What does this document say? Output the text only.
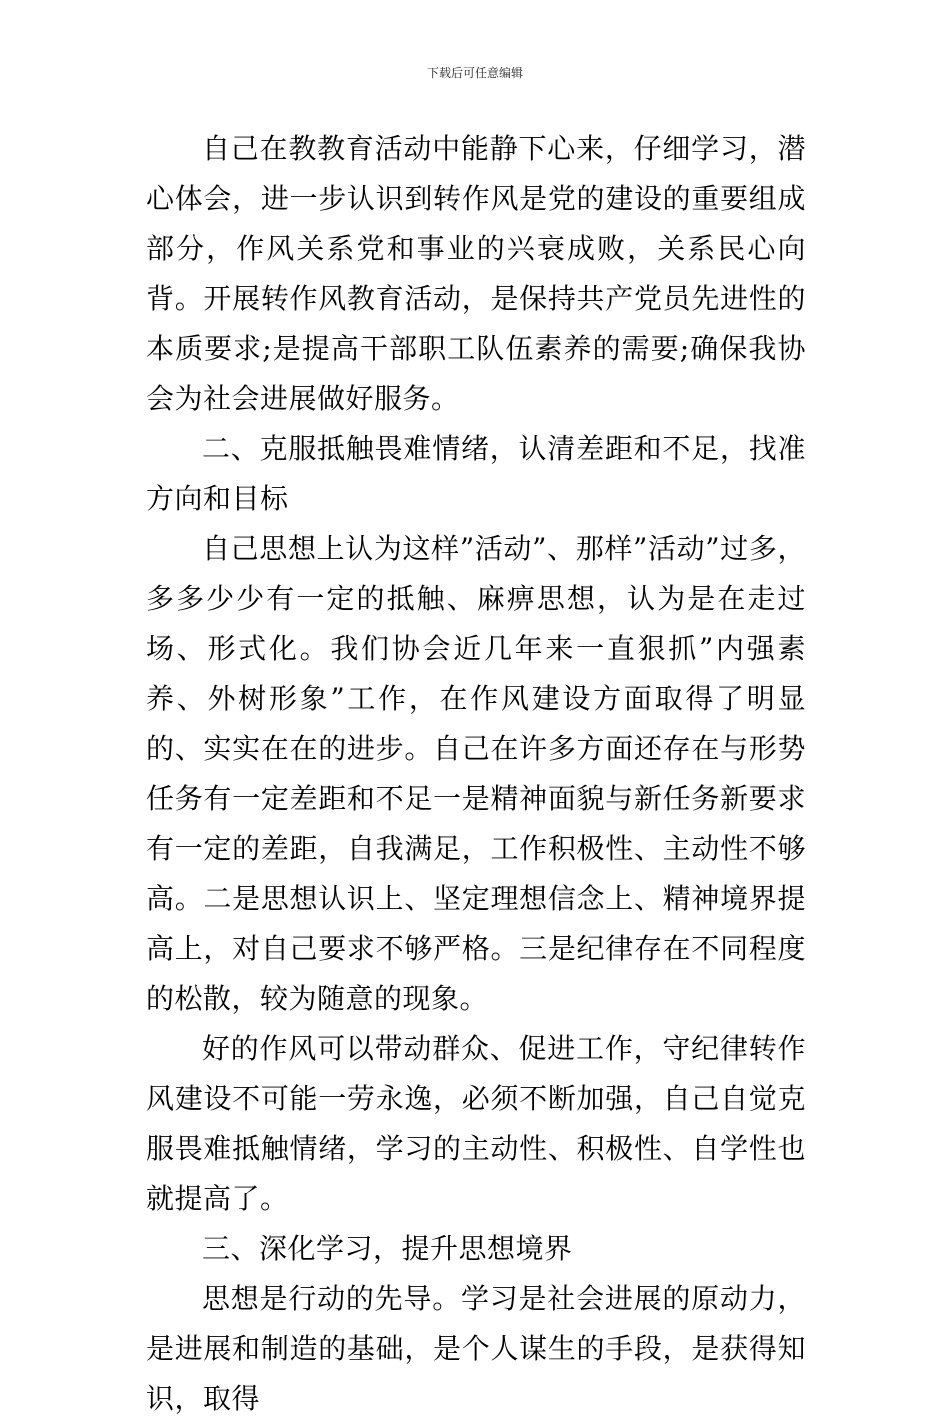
下载后可任意编辑

自己在教教育活动中能静下心来，仔细学习，潜心体会，进一步认识到转作风是党的建设的重要组成部分，作风关系党和事业的兴衰成败，关系民心向背。开展转作风教育活动，是保持共产党员先进性的本质要求;是提高干部职工队伍素养的需要;确保我协会为社会进展做好服务。

二、克服抵触畏难情绪，认清差距和不足，找准方向和目标

自己思想上认为这样”活动”、那样”活动”过多，多多少少有一定的抵触、麻痹思想，认为是在走过场、形式化。我们协会近几年来一直狠抓”内强素养、外树形象”工作，在作风建设方面取得了明显的、实实在在的进步。自己在许多方面还存在与形势任务有一定差距和不足一是精神面貌与新任务新要求有一定的差距，自我满足，工作积极性、主动性不够高。二是思想认识上、坚定理想信念上、精神境界提高上，对自己要求不够严格。三是纪律存在不同程度的松散，较为随意的现象。

好的作风可以带动群众、促进工作，守纪律转作风建设不可能一劳永逸，必须不断加强，自己自觉克服畏难抵触情绪，学习的主动性、积极性、自学性也就提高了。

三、深化学习，提升思想境界

思想是行动的先导。学习是社会进展的原动力，是进展和制造的基础，是个人谋生的手段，是获得知识，取得
